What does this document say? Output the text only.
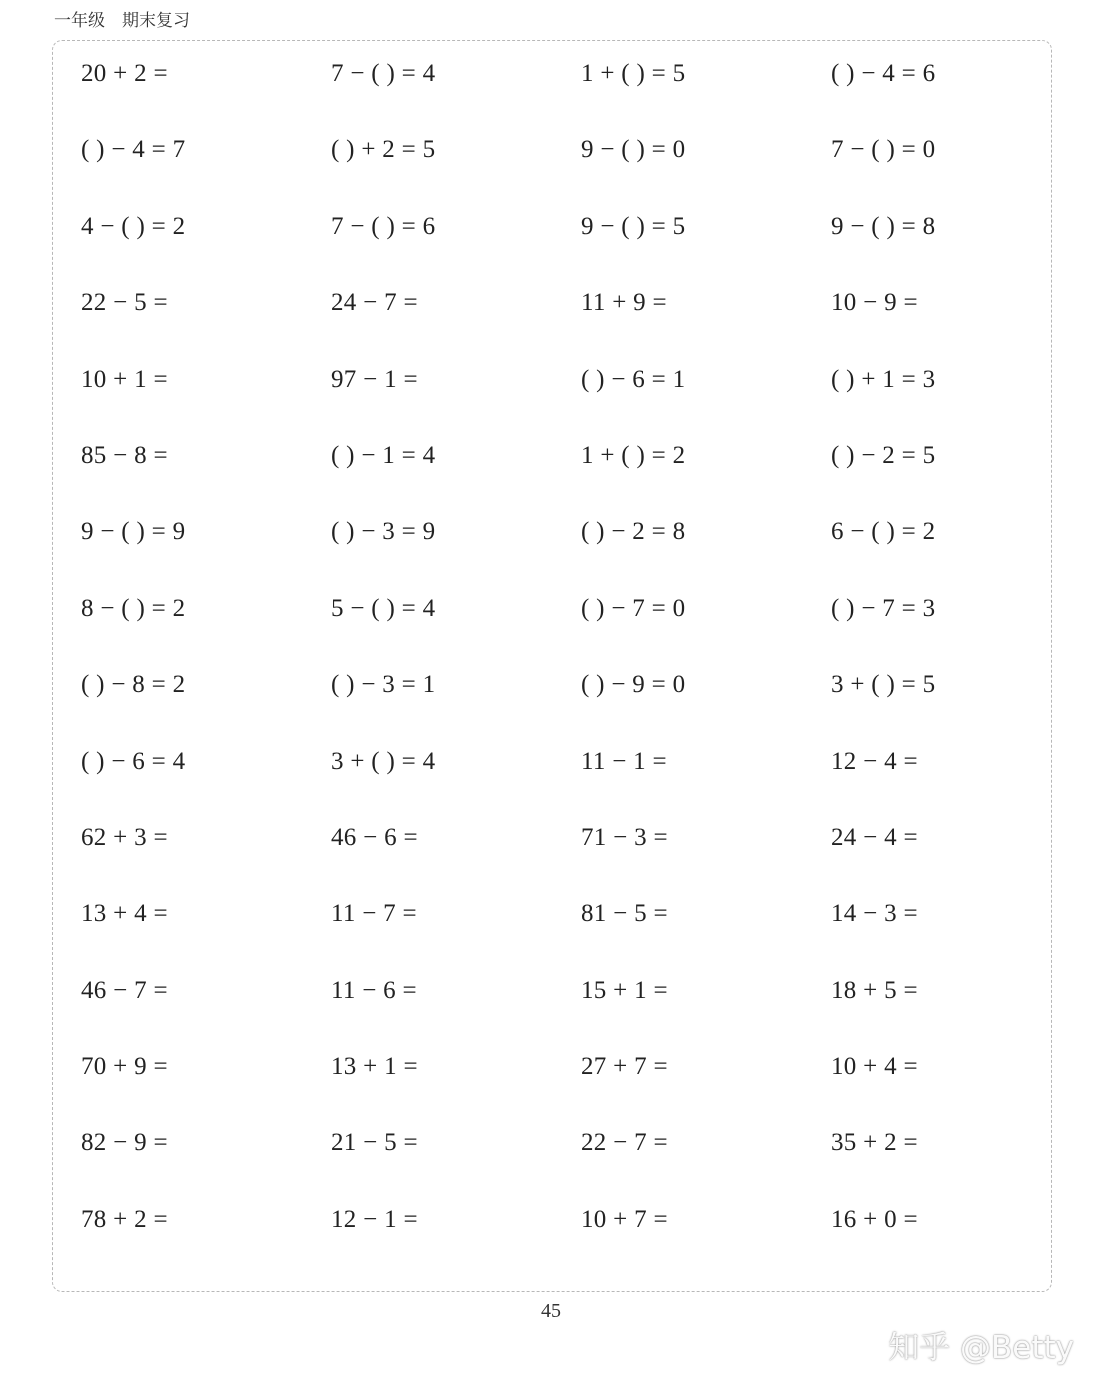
一年级　期末复习
20 + 2 =	7 − ( ) = 4	1 + ( ) = 5	( ) − 4 = 6
( ) − 4 = 7	( ) + 2 = 5	9 − ( ) = 0	7 − ( ) = 0
4 − ( ) = 2	7 − ( ) = 6	9 − ( ) = 5	9 − ( ) = 8
22 − 5 =	24 − 7 =	11 + 9 =	10 − 9 =
10 + 1 =	97 − 1 =	( ) − 6 = 1	( ) + 1 = 3
85 − 8 =	( ) − 1 = 4	1 + ( ) = 2	( ) − 2 = 5
9 − ( ) = 9	( ) − 3 = 9	( ) − 2 = 8	6 − ( ) = 2
8 − ( ) = 2	5 − ( ) = 4	( ) − 7 = 0	( ) − 7 = 3
( ) − 8 = 2	( ) − 3 = 1	( ) − 9 = 0	3 + ( ) = 5
( ) − 6 = 4	3 + ( ) = 4	11 − 1 =	12 − 4 =
62 + 3 =	46 − 6 =	71 − 3 =	24 − 4 =
13 + 4 =	11 − 7 =	81 − 5 =	14 − 3 =
46 − 7 =	11 − 6 =	15 + 1 =	18 + 5 =
70 + 9 =	13 + 1 =	27 + 7 =	10 + 4 =
82 − 9 =	21 − 5 =	22 − 7 =	35 + 2 =
78 + 2 =	12 − 1 =	10 + 7 =	16 + 0 =
45
知乎 @Betty
